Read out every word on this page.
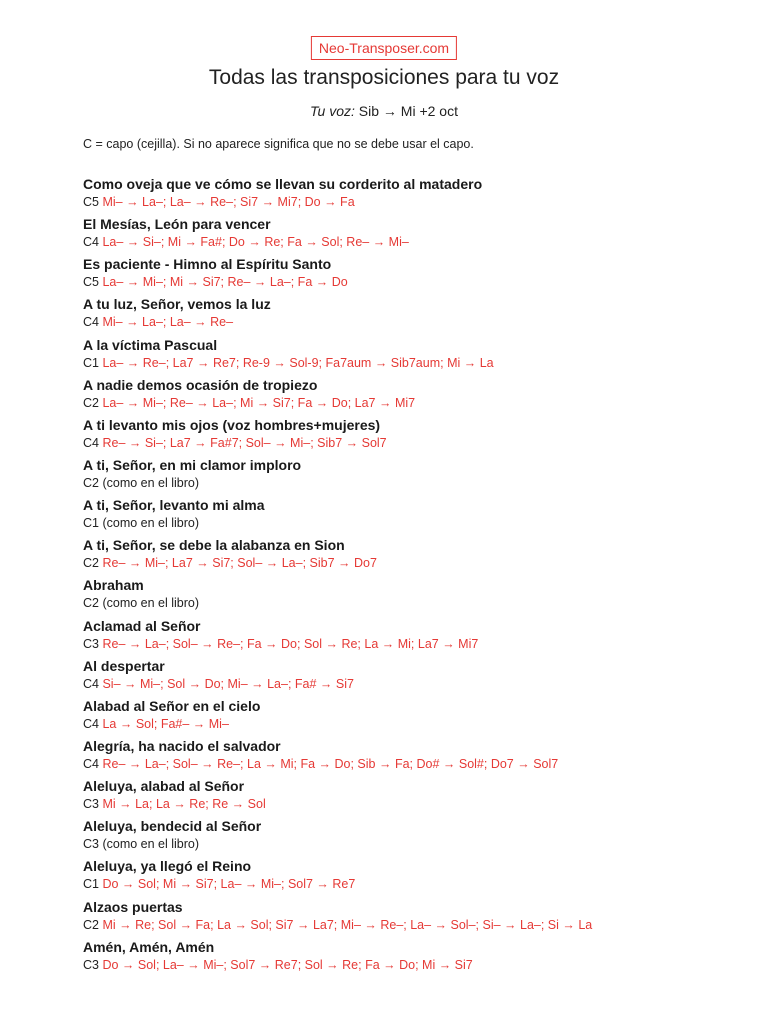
Neo-Transposer.com
Todas las transposiciones para tu voz
Tu voz: Sib → Mi +2 oct
C = capo (cejilla). Si no aparece significa que no se debe usar el capo.
Como oveja que ve cómo se llevan su corderito al matadero
C5 Mi– → La–; La– → Re–; Si7 → Mi7; Do → Fa
El Mesías, León para vencer
C4 La– → Si–; Mi → Fa#; Do → Re; Fa → Sol; Re– → Mi–
Es paciente - Himno al Espíritu Santo
C5 La– → Mi–; Mi → Si7; Re– → La–; Fa → Do
A tu luz, Señor, vemos la luz
C4 Mi– → La–; La– → Re–
A la víctima Pascual
C1 La– → Re–; La7 → Re7; Re-9 → Sol-9; Fa7aum → Sib7aum; Mi → La
A nadie demos ocasión de tropiezo
C2 La– → Mi–; Re– → La–; Mi → Si7; Fa → Do; La7 → Mi7
A ti levanto mis ojos (voz hombres+mujeres)
C4 Re– → Si–; La7 → Fa#7; Sol– → Mi–; Sib7 → Sol7
A ti, Señor, en mi clamor imploro
C2 (como en el libro)
A ti, Señor, levanto mi alma
C1 (como en el libro)
A ti, Señor, se debe la alabanza en Sion
C2 Re– → Mi–; La7 → Si7; Sol– → La–; Sib7 → Do7
Abraham
C2 (como en el libro)
Aclamad al Señor
C3 Re– → La–; Sol– → Re–; Fa → Do; Sol → Re; La → Mi; La7 → Mi7
Al despertar
C4 Si– → Mi–; Sol → Do; Mi– → La–; Fa# → Si7
Alabad al Señor en el cielo
C4 La → Sol; Fa#– → Mi–
Alegría, ha nacido el salvador
C4 Re– → La–; Sol– → Re–; La → Mi; Fa → Do; Sib → Fa; Do# → Sol#; Do7 → Sol7
Aleluya, alabad al Señor
C3 Mi → La; La → Re; Re → Sol
Aleluya, bendecid al Señor
C3 (como en el libro)
Aleluya, ya llegó el Reino
C1 Do → Sol; Mi → Si7; La– → Mi–; Sol7 → Re7
Alzaos puertas
C2 Mi → Re; Sol → Fa; La → Sol; Si7 → La7; Mi– → Re–; La– → Sol–; Si– → La–; Si → La
Amén, Amén, Amén
C3 Do → Sol; La– → Mi–; Sol7 → Re7; Sol → Re; Fa → Do; Mi → Si7
